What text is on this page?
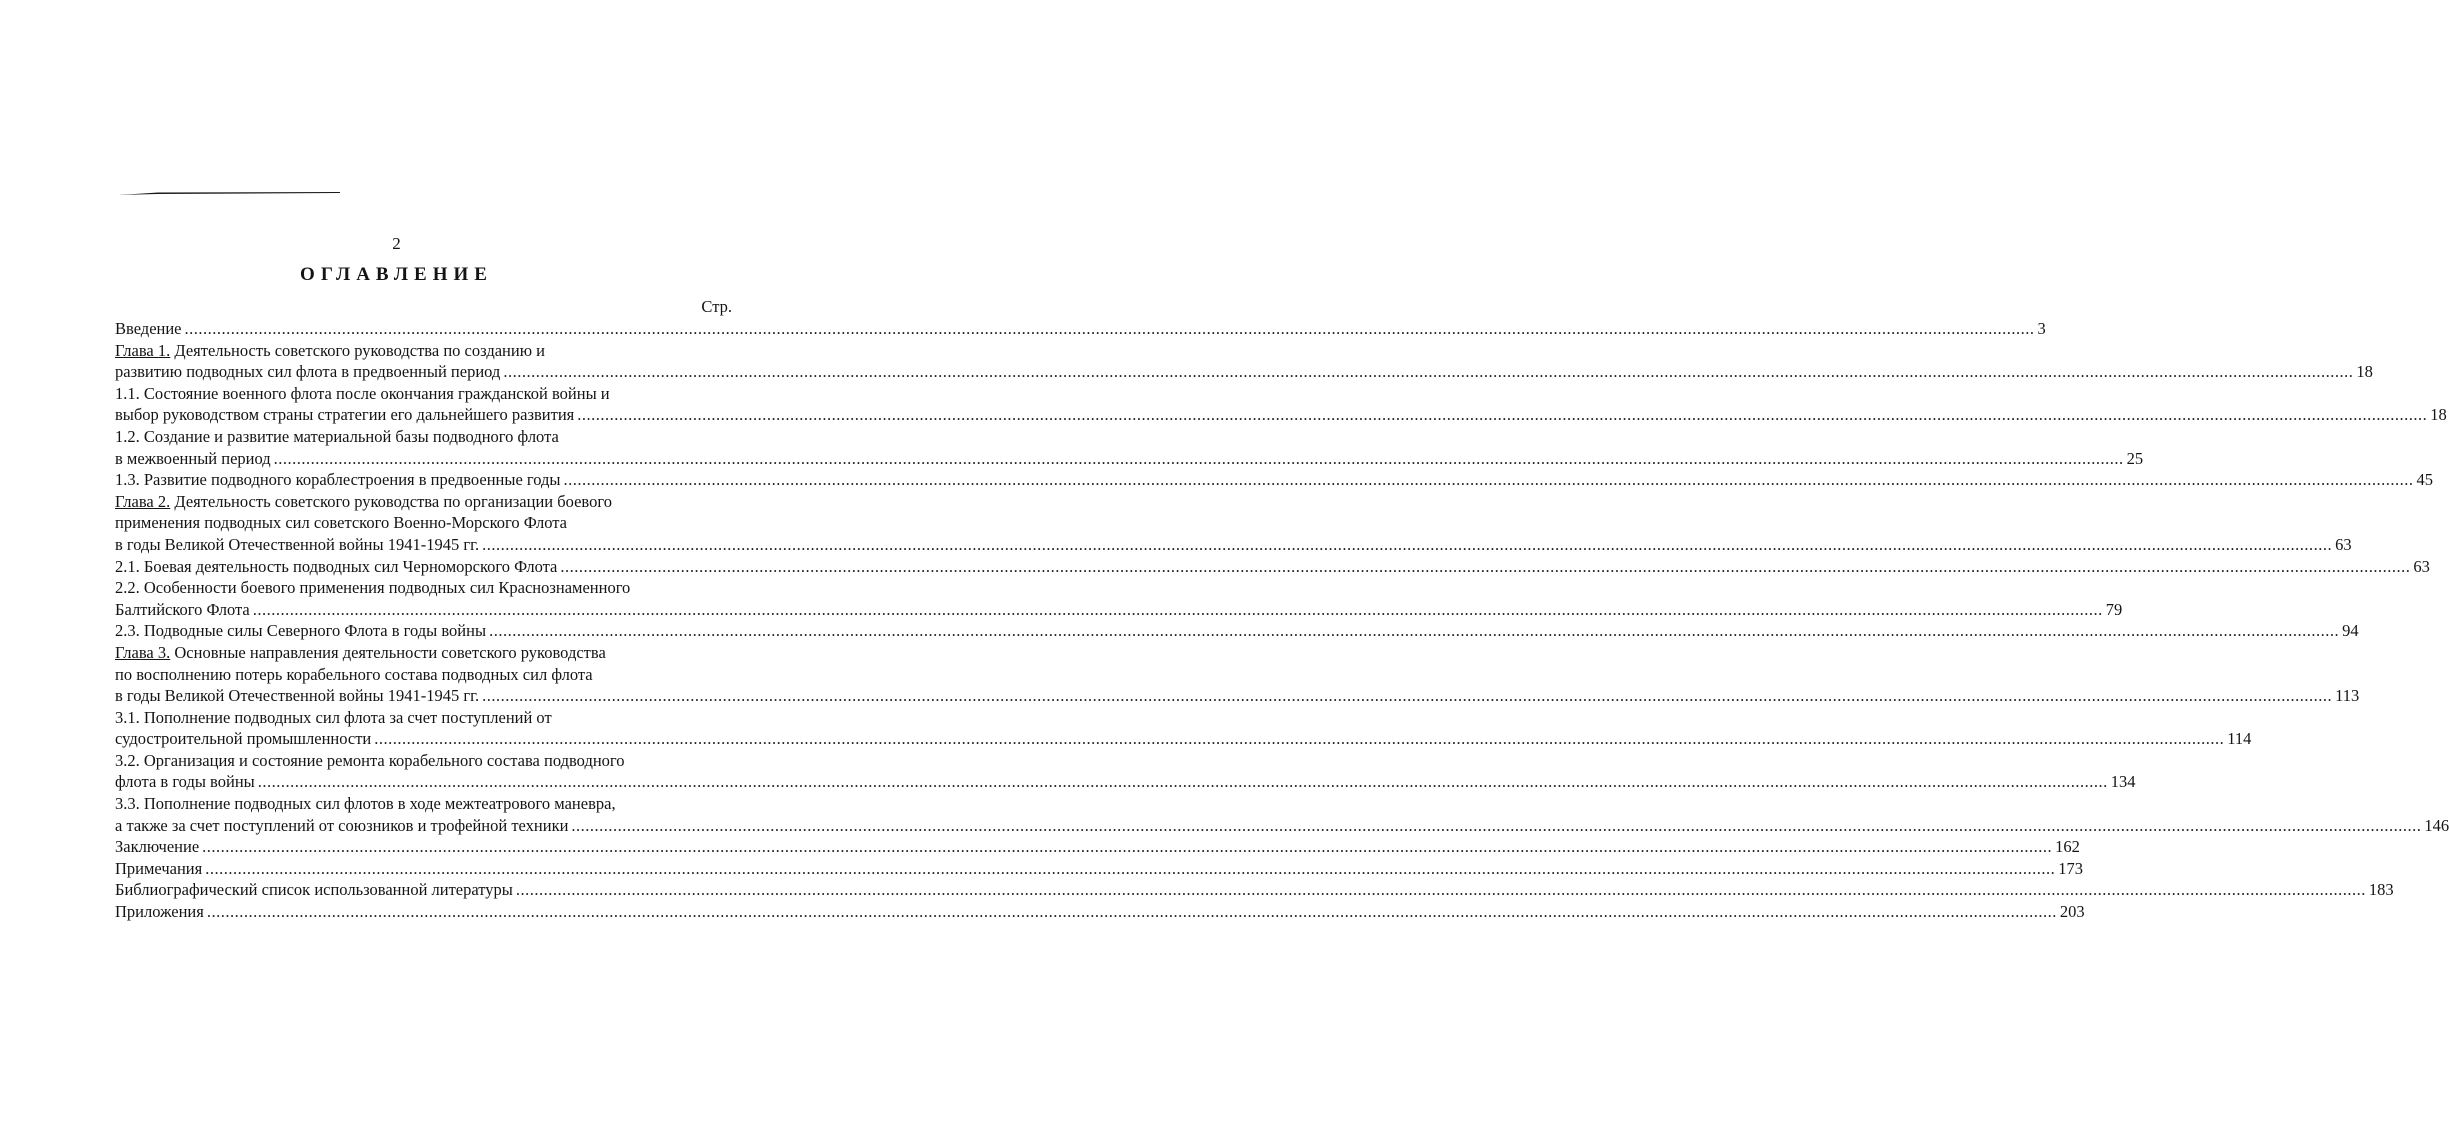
2
ОГЛАВЛЕНИЕ
Стр.
Введение ................................................................................................................................................................................................................................................................................................................................................................................................................ 3
Глава 1. Деятельность советского руководства по созданию и
развитию подводных сил флота в предвоенный период ................................................................................................................................................................................................................................................................................................................................................................................................................ 18
1.1. Состояние военного флота после окончания гражданской войны и
выбор руководством страны стратегии его дальнейшего развития ................................................................................................................................................................................................................................................................................................................................................................................................................ 18
1.2. Создание и развитие материальной базы подводного флота
в межвоенный период ................................................................................................................................................................................................................................................................................................................................................................................................................ 25
1.3. Развитие подводного кораблестроения в предвоенные годы ................................................................................................................................................................................................................................................................................................................................................................................................................ 45
Глава 2. Деятельность советского руководства по организации боевого
применения подводных сил советского Военно-Морского Флота
в годы Великой Отечественной войны 1941-1945 гг. ................................................................................................................................................................................................................................................................................................................................................................................................................ 63
2.1. Боевая деятельность подводных сил Черноморского Флота ................................................................................................................................................................................................................................................................................................................................................................................................................ 63
2.2. Особенности боевого применения подводных сил Краснознаменного
Балтийского Флота ................................................................................................................................................................................................................................................................................................................................................................................................................ 79
2.3. Подводные силы Северного Флота в годы войны ................................................................................................................................................................................................................................................................................................................................................................................................................ 94
Глава 3. Основные направления деятельности советского руководства
по восполнению потерь корабельного состава подводных сил флота
в годы Великой Отечественной войны 1941-1945 гг. ................................................................................................................................................................................................................................................................................................................................................................................................................ 113
3.1. Пополнение подводных сил флота за счет поступлений от
судостроительной промышленности ................................................................................................................................................................................................................................................................................................................................................................................................................ 114
3.2. Организация и состояние ремонта корабельного состава подводного
флота в годы войны ................................................................................................................................................................................................................................................................................................................................................................................................................ 134
3.3. Пополнение подводных сил флотов в ходе межтеатрового маневра,
а также за счет поступлений от союзников и трофейной техники ................................................................................................................................................................................................................................................................................................................................................................................................................ 146
Заключение ................................................................................................................................................................................................................................................................................................................................................................................................................ 162
Примечания ................................................................................................................................................................................................................................................................................................................................................................................................................ 173
Библиографический список использованной литературы ................................................................................................................................................................................................................................................................................................................................................................................................................ 183
Приложения ................................................................................................................................................................................................................................................................................................................................................................................................................ 203
